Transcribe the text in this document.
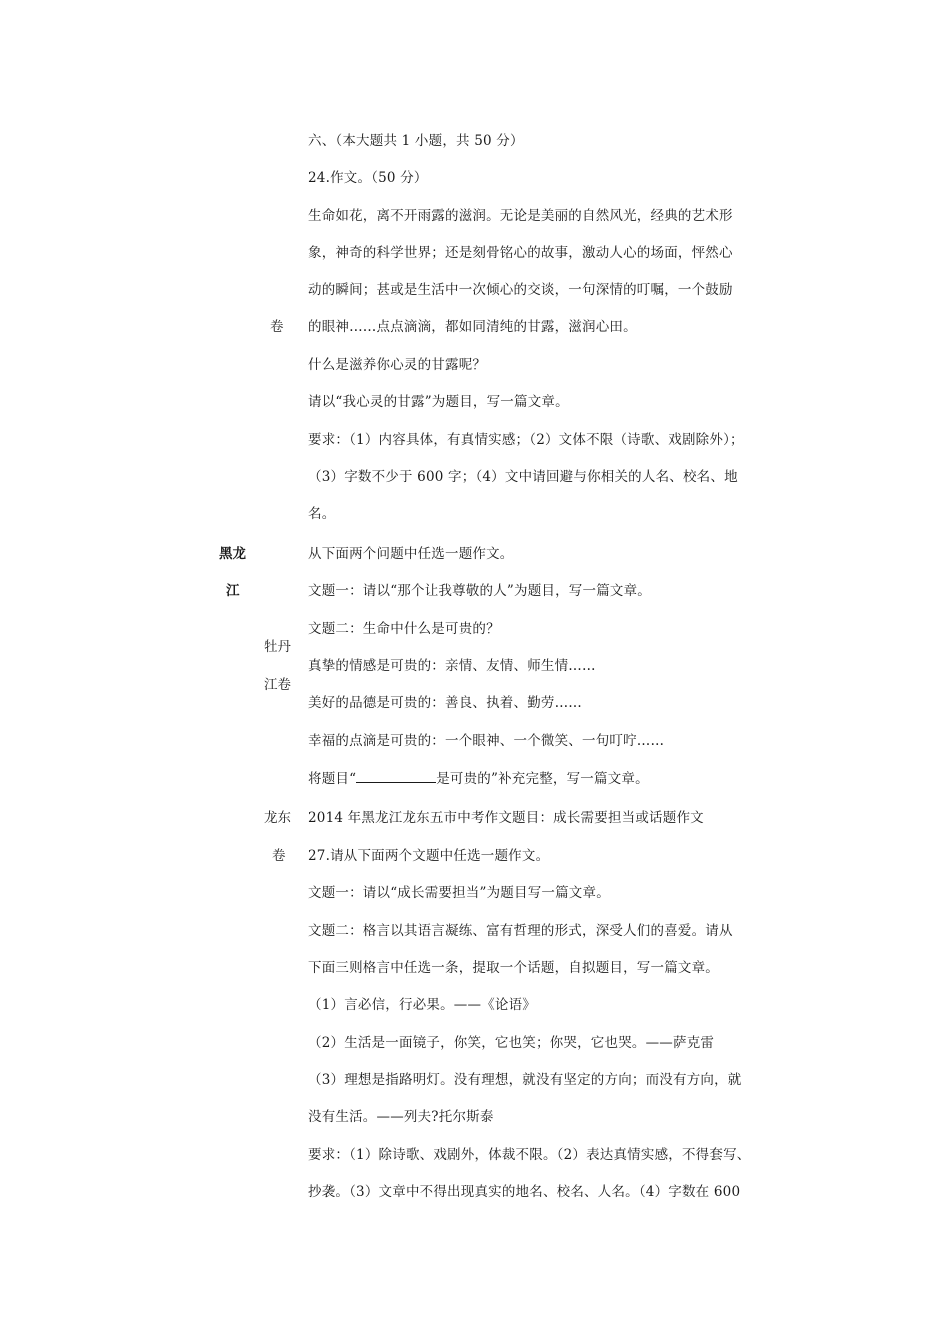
卷
黑龙
江
牡丹
江卷
龙东
卷
六、（本大题共 1 小题，共 50 分）
24.作文。（50 分）
生命如花，离不开雨露的滋润。无论是美丽的自然风光，经典的艺术形
象，神奇的科学世界；还是刻骨铭心的故事，激动人心的场面，怦然心
动的瞬间；甚或是生活中一次倾心的交谈，一句深情的叮嘱，一个鼓励
的眼神……点点滴滴，都如同清纯的甘露，滋润心田。
什么是滋养你心灵的甘露呢？
请以“我心灵的甘露”为题目，写一篇文章。
要求：（1）内容具体，有真情实感；（2）文体不限（诗歌、戏剧除外）；
（3）字数不少于 600 字；（4）文中请回避与你相关的人名、校名、地
名。
从下面两个问题中任选一题作文。
文题一：请以“那个让我尊敬的人”为题目，写一篇文章。
文题二：生命中什么是可贵的？
真挚的情感是可贵的：亲情、友情、师生情……
美好的品德是可贵的：善良、执着、勤劳……
幸福的点滴是可贵的：一个眼神、一个微笑、一句叮咛……
将题目“	是可贵的”补充完整，写一篇文章。
2014 年黑龙江龙东五市中考作文题目：成长需要担当或话题作文
27.请从下面两个文题中任选一题作文。
文题一：请以“成长需要担当”为题目写一篇文章。
文题二：格言以其语言凝练、富有哲理的形式，深受人们的喜爱。请从
下面三则格言中任选一条，提取一个话题，自拟题目，写一篇文章。
（1）言必信，行必果。——《论语》
（2）生活是一面镜子，你笑，它也笑；你哭，它也哭。——萨克雷
（3）理想是指路明灯。没有理想，就没有坚定的方向；而没有方向，就
没有生活。——列夫?托尔斯泰
要求：（1）除诗歌、戏剧外，体裁不限。（2）表达真情实感，不得套写、
抄袭。（3）文章中不得出现真实的地名、校名、人名。（4）字数在 600
